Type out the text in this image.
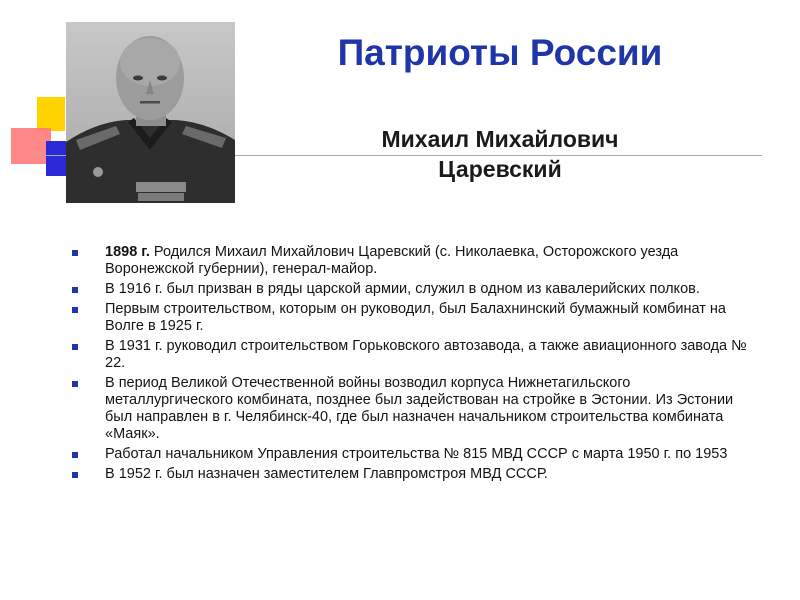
Патриоты России
Михаил Михайлович
Царевский
1898 г. Родился Михаил Михайлович Царевский (с. Николаевка, Осторожского уезда Воронежской губернии), генерал-майор.
В 1916 г. был призван в ряды царской армии, служил в одном из кавалерийских полков.
Первым строительством, которым он руководил, был Балахнинский бумажный комбинат на Волге в 1925 г.
В 1931 г. руководил строительством Горьковского автозавода, а также авиационного завода № 22.
В период Великой Отечественной войны возводил корпуса Нижнетагильского металлургического комбината, позднее был задействован на стройке в Эстонии. Из Эстонии был направлен в г. Челябинск-40, где был назначен начальником строительства комбината «Маяк».
Работал начальником Управления строительства № 815 МВД СССР с марта 1950 г. по 1953
В 1952 г. был назначен заместителем Главпромстроя МВД СССР.
